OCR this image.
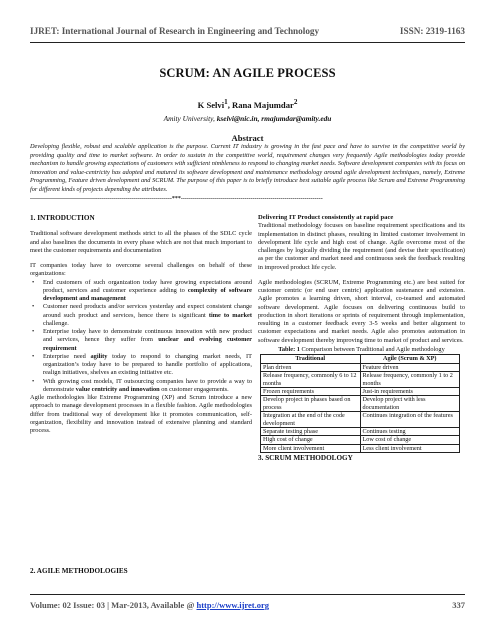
IJRET: International Journal of Research in Engineering and Technology	ISSN: 2319-1163
SCRUM: AN AGILE PROCESS
K Selvi$^1$, Rana Majumdar$^2$
Amity University, kselvi@nic.in, rmajumdar@amity.edu
Abstract
Developing flexible, robust and scalable application is the purpose. Current IT industry is growing in the fast pace and have to survive in the competitive world by providing quality and time to market software. In order to sustain in the competitive world, requirement changes very frequently Agile methodologies today provide mechanism to handle growing expectations of customers with sufficient nimbleness to respond to changing market needs. Software development companies with its focus on innovation and value-centricity has adopted and matured its software development and maintenance methodology around agile development techniques, namely, Extreme Programming, Feature driven development and SCRUM. The purpose of this paper is to briefly introduce best suitable agile process like Scrum and Extreme Programming for different kinds of projects depending the attributes.
-----------------------------------------------------------------------***-----------------------------------------------------------------------
1. INTRODUCTION

Traditional software development methods strict to all the phases of the SDLC cycle and also baselines the documents in every phase which are not that much important to meet the customer requirements and documentation

IT companies today have to overcome several challenges on behalf of these organizations:

• End customers of such organization today have growing expectations around product, services and customer experience adding to complexity of software development and management
• Customer need products and/or services yesterday and expect consistent change around such product and services, hence there is significant time to market challenge.
• Enterprise today have to demonstrate continuous innovation with new product and services, hence they suffer from unclear and evolving customer requirement
• Enterprise need agility today to respond to changing market needs, IT organization’s today have to be prepared to handle portfolio of applications, realign initiatives, shelves an existing initiative etc.
• With growing cost models, IT outsourcing companies have to provide a way to demonstrate value centricity and innovation on customer engagements.

Agile methodologies like Extreme Programming (XP) and Scrum introduce a new approach to manage development processes in a flexible fashion. Agile methodologies differ from traditional way of development like it promotes communication, self-organization, flexibility and innovation instead of extensive planning and standard process.

2. AGILE METHODOLOGIES
Delivering IT Product consistently at rapid pace

Traditional methodology focuses on baseline requirement specifications and its implementation in distinct phases, resulting in limited customer involvement in development life cycle and high cost of change. Agile overcome most of the challenges by logically dividing the requirement (and devise their specification) as per the customer and market need and continuous seek the feedback resulting in improved product life cycle.

Agile methodologies (SCRUM, Extreme Programming etc.) are best suited for customer centric (or end user centric) application sustenance and extension. Agile promotes a learning driven, short interval, co-teamed and automated software development. Agile focuses on delivering continuous build to production in short iterations or sprints of requirement through implementation, resulting in a customer feedback every 3-5 weeks and better alignment to customer expectations and market needs. Agile also promotes automation in software development thereby improving time to market of product and services.

Table: 1 Comparison between Traditional and Agile methodology
Traditional	Agile (Scrum & XP)
Plan driven	Feature driven
Release frequency, commonly 6 to 12 months	Release frequency, commonly 1 to 2 months
Frozen requirements	Just-in requirements
Develop project in phases based on process	Develop project with less documentation
Integration at the end of the code development	Continues integration of the features
Separate testing phase	Continues testing
High cost of change	Low cost of change
More client involvement	Less client involvement
3. SCRUM METHODOLOGY
Volume: 02 Issue: 03 | Mar-2013, Available @ http://www.ijret.org	337
